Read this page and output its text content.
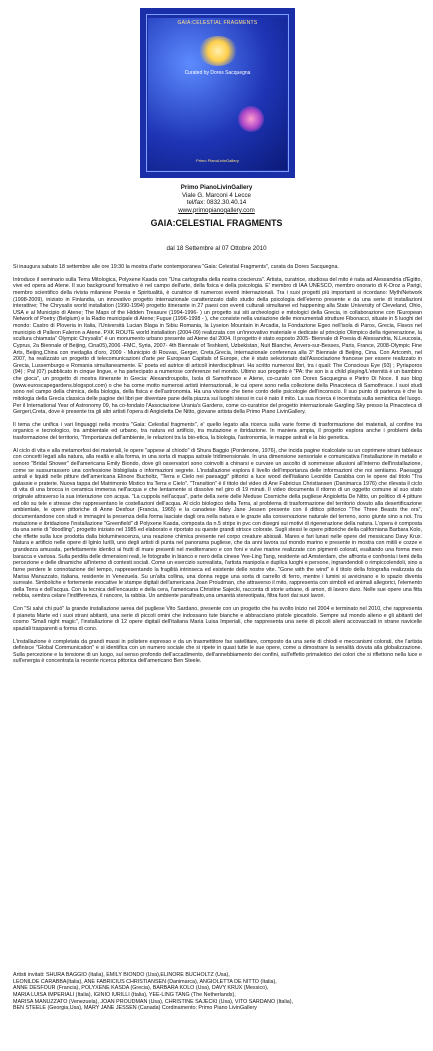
GAIA:CELESTIAL FRAGMENTS
Curated by Dores Sacquegna
Primo PianoLivinGallery
Primo PianoLivinGallery
Viale G. Marconi 4 Lecce
tel/fax: 0832.30.40.14
www.primopianogallery.com
GAIA:CELESTIAL FRAGMENTS
dal 18 Settembre al 07 Ottobre 2010

Si inaugura sabato 18 settembre alle ore 19:30 la mostra d'arte contemporanea "Gaia: Celestial Fragments", curata da Dores Sacquegna.

Introduce il seminario sulla Terra Mitologica, Polyxene Kasda con "Una cartografia della nostra coscienza". Artista, curatrice, studiosa del mito è nata ad Alessandria d'Egitto, vive ed opera ad Atene. Il suo background formativo è nel campo dell'arte, della fisica e della psicologia. E' membro di IAA UNESCO, membro onorario di K-Droz a Parigi, membro scientifico della rivista milanese Poesia e Spiritualità, è curatrice di numerosi eventi internazionali. Tra i suoi progetti più importanti si ricordano: Myth/Network (1998-2009), iniziato in Finlandia, un innovativo progetto internazionale caratterizzato dallo studio della psicologia dell'eterno presente e da una serie di installazioni interattive; The Chrysalis world installation (1990-1994) progetto itinerante in 27 paesi con eventi culturali simultanei ed happening alla State University of Cleveland, Ohio, USA e al Municipio di Atene; The Maps of the Hidden Treasure (1994-1996- ) un progetto sui siti archeologici e mitologici della Grecia, in collaborazione con l'European Network of Poetry (Belgium) e la Radio municipale di Atene; Fugue (1996-1998 - ), che consiste nella variazione delle monumentali strutture Fibonacci, situate in 5 luoghi del mondo: Castro di Ploveria in Italia, l'Università Lucian Blaga in Sibiu Romania, la Lyseion Mountain in Arcadia, la Fondazione Egeo nell'isola di Paros, Grecia, Flavos nel municipio di Palleon Faleron a Atene. PXK ROUTE world installation (2004-09) realizzata con un'innovativo materiale e dedicate al principio Olimpico della rigenerazione, la scultura chiamata" Olympic Chrysalis" è un monumento urbano presente ad Atene dal 2004. Il progetto è stato esposto 2005- Biennale di Poesia di Alessandria, N.Leucosia, Cyprus, 2a Biennale of Beijing, Cina05),2006 -FMC, Syria, 2007- 4th Biennale of Teshkent, Uzbekistan, Nuit Blanche, Anvers-sur-Besses, Paris, France, 2008-Olympic Fine Arts, Beijing,China con medaglia d'oro, 2009 - Municipio di Rouvas, Gerger, Creta,Grecia, internazionale conferenza alla 3° Biennale di Beijing, Cina. Con Artcomh, nel 2007, ha realizzato un progetto di telecomunicazioni d'arte per European Capitals of Europe, che è stato selezionato dall'Associazione francese per essere realizzato in Grecia, Lussemburgo e Romania simultaneamente. E' poeta ed autrice di articoli interdisciplinari. Ha scritto numerosi libri, tra i quali: The Conscious Eye (93) ; Pyriaporos (94) ; Pal (07) pubblicato in cinque lingue, e ha partecipato a numerose conferenze nel mondo. Ultimo suo progetto è "PA: the son is a child playing/L'eternità è un bambino che gioca", un progetto di mostra itinerante in Grecia: Alexandroupolis, Isola di Samothrace e Atene, co-curato con Dores Sacquegna e Pietro Di Noce. Il suo blog (www.euroscapegardens.blogspot.com) o che ha come motto numerosi artisti internazionali, le cui opere sono nella collezione della Pinacoteca di Samothrace. I suoi studi sono nel campo della chimica, della biologia, della fisica e dell'astronomia. Ha una visione che tiene conto delle psicologie dell'inconscio. Il suo punto di partenza è che la mitologia della Grecia classica delle pagine dei libri per diventare pane della piazza sui luoghi stessi in cui è nato il mito. La sua ricerca è incentrata sulla semiotica del luogo. Per il International Year of Astronomy 09, ha co-fondato l'Associazione Urania's Gardens, come co-curatrice del progetto internazionale Gargling Sky presso la Pinacoteca di Gergeri,Creta, dove è presente tra gli altri artisti l'opera di Angioletta De Nitto, giovane artista della Primo Piano LivinGallery.

Il tema che unifica i vari linguaggi nella mostra "Gaia: Celestial fragments", e' quello legato alla ricerca sulla varie forme di trasformazione dei materiali, al confine tra organico e tecnologico, tra ambientale ed urbano, tra natura ed artificio, tra mutazione e ibridazione. In maniera ampia, il progetto esplora anche i problemi della trasformazione del territorio, "l'importanza dell'ambiente, le relazioni tra la bio-etica, la biologia, l'astronomia, le mappe astrali e la bio genetica.

Al ciclo di vita e alla metamorfosi dei materiali, le opere "appese al chiodo" di Shura Baggio (Pordenone, 1976), che incida pagine ricalcolate su un coprimere strani tableaux con concetti legati alla natura, alla realtà e alla forma, in una sorta di mappa astrale tridimensionale. In una dimensione sensoriale e comunicativa l'installazione in metallo e sonoro "Bridal Shower" dell'americana Emily Biondo, dove gli osservatori sono coinvolti a chinarsi e curvare un ascolto di sommesse allusioni all'interno dell'installazione, come se sussurrassero una confessione bisbigliata o informazioni segrete. L'installazione esplora il livello dell'importanza delle informazioni che noi sentiamo. Paesaggi astrali e liquidi nelle pitture dell'americana Elinore Bucholtz, "Terra e Cielo nei paesaggi" pittorici a luce wood dell'italiano Leonilde Carabba con le opere dal titolo "Tra galassie e praterie. Nuova tappa del Matrimonio Mistico tra Terra e Cielo". "Transition" è il titolo del video di Ane Fabricius Christiansen (Danimarca 1976) che rilevata il ciclo di vita di una brocca in ceramica immersa nell'acqua e che lentamente si dissolve nel giro di 19 minuti. Il video documenta il ritorno di un oggetto comune al suo stato originale attraverso la sua interazione con acqua. "La cuppola nell'acqua", parte della serie delle Meduse Cosmiche della pugliese Angioletta De Nitto, un politico di 4 pitture ed olio su tele e stresse che rappresentano le costellazioni dell'acqua. Al ciclo biologico della Terra, al problema di trasformazione del territorio dovuto alla desertificazione ambientale, le opere pittoriche di Anne Desfour (Francia, 1965) e la canadese Mary Jane Jessen presente con il dittico pittorico "The Three Beasts the ora", documentandone con studi e immagini la presenza della forma lasciate dagli ora nella natura e le grazie alla conservazione naturale del terreno, sono giunte sino a noi. Tra mutazione e ibridazione l'installazione "Greenfield" di Polyxene Kasda, composta da n.5 strips in pvc con disegni sui motivi di rigenerazione della natura. L'opera è composta da una serie di "doodling", progetto iniziato nel 1985 ed elaborato e riportato su queste grandi strisce colorate. Sugli stessi le opere pittoriche della californiana Barbara Kolo, che riflette sulla luce prodotta dalla bioluminescenza, una reazione chimica presente nel corpo creature abissali. Mares e fari lunari nelle opere del messicano Davy Krux. Natura e artificio nelle opere di Iginio Iurilli, uno degli artisti di punta nel panorama pugliese, che da anni lavora sul mondo marino e presente in mostra con mitili e cozze e grandezza amusata, perfettamente identici ai frutti di mare presenti nel mediterraneo e con foni e vulve marine realizzate con pigmenti colorati, esaltando una forma meo baracca e variosa. Sulla perdita delle dimensioni reali, le fotografie in bianco e nero della cinese Yee-Ling Tang, residente ad Amsterdam, che affronta e confronta i temi della percezione e delle dinamiche all'interno di contesti sociali. Come un esercizio surrealista, l'artista manipola e duplica luoghi e persone, ingrandendoli o rimpiccolendoli, sino a farne perdere le connotazione del tempo, rappresentando la fragilità intrinseca ed esistente delle nostre vite. "Gone with the wind" è il titolo della fotografia realizzata da Marisa Manuzzato, italiana, residente in Venezuela. Su un'alta collina, una donna regge una sorta di carrello di ferro, mentre i lumini si avvicinano e lo spazio diventa surreale. Simboliche e fortemente evocative le stampe digitali dell'americana Joan Proudman, che attraverso il mito, rappresenta con simboli ed animali allegorici, l'elemento della Terra e dell'acqua. Con la tecnica dell'encausto e della cera, l'americana Christine Sajecki, racconta di storie urbane, di amori, di lavoro duro. Nelle sue opere una fitta nebbia, sembra celare l'indifferenza, il rancore, la rabbia. Un ambiente parafinato,una umanità stereotipata, filtra fuori dai suoi lavori.

Con "Si salvi chi può" la grande installazione aerea del pugliese Vito Sardano, presente con un progetto che ha svolto inizio nel 2004 e terminato nel 2010, che rappresenta il pianeta Marte ed i suoi strani abitanti, una serie di piccoli omini che indossano tute bianche e abbracciano pistole giocattolo. Sempre sul mondo alieno e gli abitanti del cosmo "Small night magic", l'installazione di 12 opere digitali dell'italiana Maria Luisa Imperiali, che rappresenta una serie di piccoli alieni accovacciati in strane navicelle spaziali trasparenti a forma di cono.

L'installazione è completata da grandi massi in polistere espresso e da un trasmettitore fax satellitare, composto da una serie di chiodi e meccanismi colorati, che l'artista definisce "Global Communication" e si identifica con un numero sociale che si ripete in quasi tutte le sue opere, come a dimostrare la senalità dovuta alla globalizzazione. Sulla percezione e la tensione di un luogo, sul senso profondo dell'accadimento, dell'annebbiamento dei confini, sull'effetto primaletico dei colori che si riflettono nella luce e sull'energia è concentrata la recente ricerca pittorica dell'americano Ben Steele.

Artisti invitati: SHURA BAGGIO (Italia), EMILY BIONDO (Usa),ELINORE BUCHOLTZ (Usa),
LEONILDE CARABBA(Italia), ANE FABRICIUS CHRISTIANSEN (Danimarca), ANGIOLETTA DE NITTO (Italia),
ANNE DESFOUR (Francia), POLYXENE KASDA (Grecia), BARBARA KOLO (Usa), DAVY KRUX (Messico),
MARIA LUISA IMPERIALI (Italia), IGINIO IURILLI (Italia), YEE-LING TANG (The Netherlands),
MARISA MANUZZATO (Venezuela), JOAN PROUDMAN (Usa), CHRISTINE SAJECKI (Usa), VITO SARDANO (Italia),
BEN STEELE (Georgia,Usa), MARY JANE JESSEN (Canada) Cordinamento: Primo Piano LivinGallery
